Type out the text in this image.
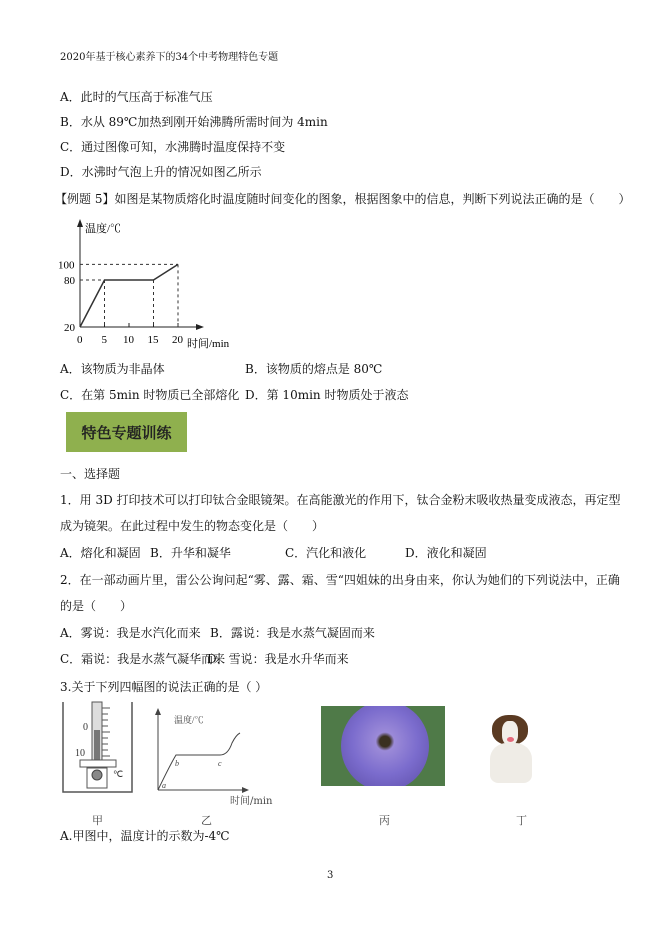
2020年基于核心素养下的34个中考物理特色专题
A．此时的气压高于标准气压
B．水从 89℃加热到刚开始沸腾所需时间为 4min
C．通过图像可知，水沸腾时温度保持不变
D．水沸时气泡上升的情况如图乙所示
【例题 5】如图是某物质熔化时温度随时间变化的图象，根据图象中的信息，判断下列说法正确的是（　　）
温度/℃
时间/min
0 5 10 15 20
20
80
100
A．该物质为非晶体	B．该物质的熔点是 80℃
C．在第 5min 时物质已全部熔化 D．第 10min 时物质处于液态
特色专题训练
一、选择题
1．用 3D 打印技术可以打印钛合金眼镜架。在高能激光的作用下，钛合金粉末吸收热量变成液态，再定型
成为镜架。在此过程中发生的物态变化是（　　）
A．熔化和凝固 B．升华和凝华	C．汽化和液化	D．液化和凝固
2．在一部动画片里，雷公公询问起“雾、露、霜、雪“四姐妹的出身由来，你认为她们的下列说法中，正确
的是（　　）
A．雾说：我是水汽化而来 B．露说：我是水蒸气凝固而来
C．霜说：我是水蒸气凝华而来
D．雪说：我是水升华而来
3.关于下列四幅图的说法正确的是（ ）
0
10
℃
温度/℃
a
b	c
时间/min
甲	乙	丙	丁
A.甲图中，温度计的示数为-4℃
3
